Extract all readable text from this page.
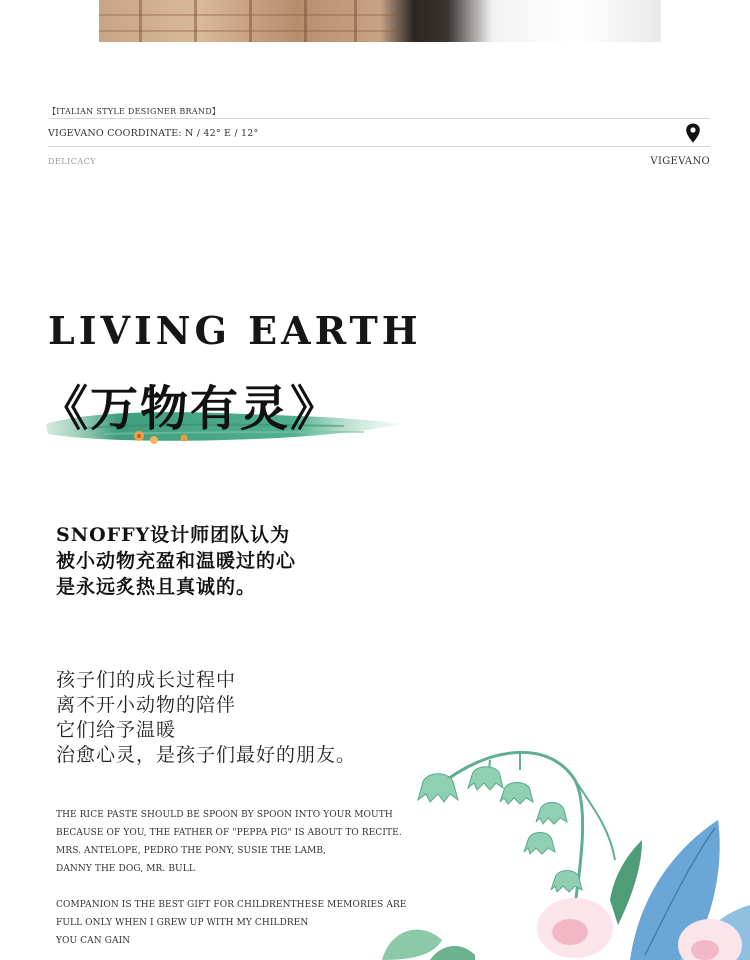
【ITALIAN STYLE DESIGNER BRAND】
VIGEVANO COORDINATE: N / 42° E / 12°
DELICACY	VIGEVANO
LIVING EARTH
《万物有灵》
SNOFFY设计师团队认为
被小动物充盈和温暖过的心
是永远炙热且真诚的。
孩子们的成长过程中
离不开小动物的陪伴
它们给予温暖
治愈心灵，是孩子们最好的朋友。
THE RICE PASTE SHOULD BE SPOON BY SPOON INTO YOUR MOUTH
BECAUSE OF YOU, THE FATHER OF "PEPPA PIG" IS ABOUT TO RECITE.
MRS. ANTELOPE, PEDRO THE PONY, SUSIE THE LAMB,
DANNY THE DOG, MR. BULL
COMPANION IS THE BEST GIFT FOR CHILDRENTHESE MEMORIES ARE
FULL ONLY WHEN I GREW UP WITH MY CHILDREN
YOU CAN GAIN
